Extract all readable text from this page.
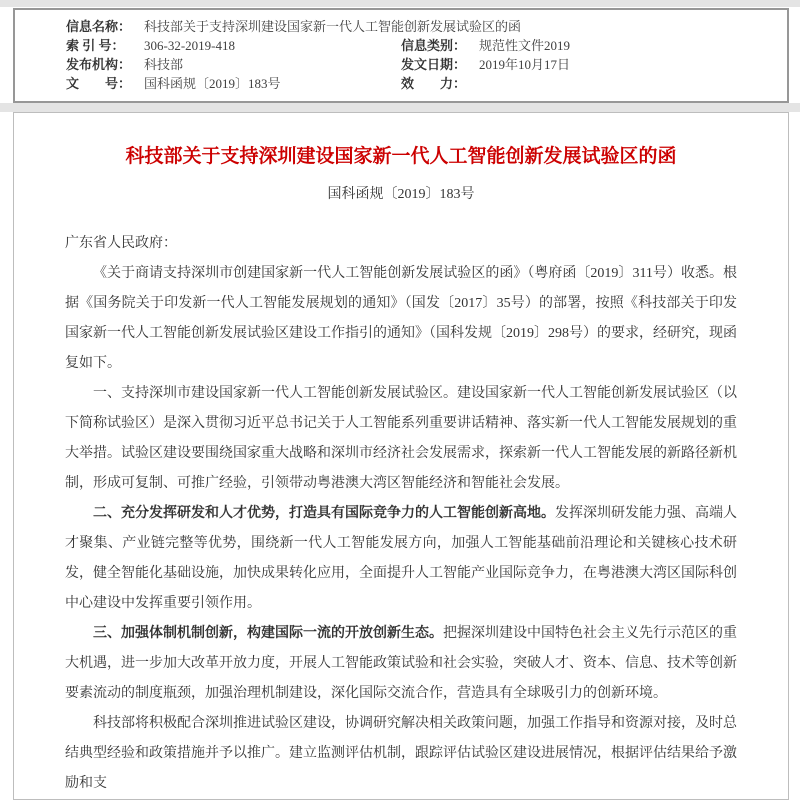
信息名称： 科技部关于支持深圳建设国家新一代人工智能创新发展试验区的函
索 引 号：	306-32-2019-418	信息类别： 规范性文件2019
发布机构： 科技部	发文日期： 2019年10月17日
文　　号： 国科函规〔2019〕183号	效　　力：
科技部关于支持深圳建设国家新一代人工智能创新发展试验区的函
国科函规〔2019〕183号

广东省人民政府：

《关于商请支持深圳市创建国家新一代人工智能创新发展试验区的函》（粤府函〔2019〕311号）收悉。根据《国务院关于印发新一代人工智能发展规划的通知》（国发〔2017〕35号）的部署，按照《科技部关于印发国家新一代人工智能创新发展试验区建设工作指引的通知》（国科发规〔2019〕298号）的要求，经研究，现函复如下。

一、支持深圳市建设国家新一代人工智能创新发展试验区。建设国家新一代人工智能创新发展试验区（以下简称试验区）是深入贯彻习近平总书记关于人工智能系列重要讲话精神、落实新一代人工智能发展规划的重大举措。试验区建设要围绕国家重大战略和深圳市经济社会发展需求，探索新一代人工智能发展的新路径新机制，形成可复制、可推广经验，引领带动粤港澳大湾区智能经济和智能社会发展。

二、充分发挥研发和人才优势，打造具有国际竞争力的人工智能创新高地。发挥深圳研发能力强、高端人才聚集、产业链完整等优势，围绕新一代人工智能发展方向，加强人工智能基础前沿理论和关键核心技术研发，健全智能化基础设施，加快成果转化应用，全面提升人工智能产业国际竞争力，在粤港澳大湾区国际科创中心建设中发挥重要引领作用。

三、加强体制机制创新，构建国际一流的开放创新生态。把握深圳建设中国特色社会主义先行示范区的重大机遇，进一步加大改革开放力度，开展人工智能政策试验和社会实验，突破人才、资本、信息、技术等创新要素流动的制度瓶颈，加强治理机制建设，深化国际交流合作，营造具有全球吸引力的创新环境。

科技部将积极配合深圳推进试验区建设，协调研究解决相关政策问题，加强工作指导和资源对接，及时总结典型经验和政策措施并予以推广。建立监测评估机制，跟踪评估试验区建设进展情况，根据评估结果给予激励和支
